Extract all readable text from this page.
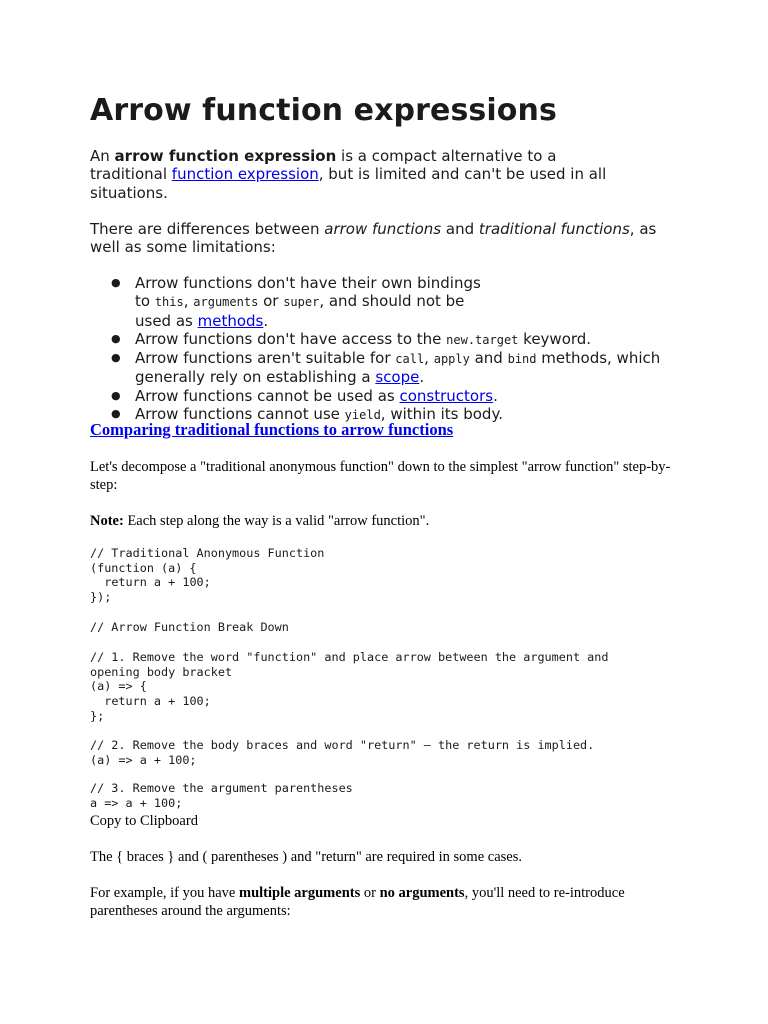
Arrow function expressions

An arrow function expression is a compact alternative to a traditional function expression, but is limited and can't be used in all situations.

There are differences between arrow functions and traditional functions, as well as some limitations:

● Arrow functions don't have their own bindings to this, arguments or super, and should not be used as methods.
● Arrow functions don't have access to the new.target keyword.
● Arrow functions aren't suitable for call, apply and bind methods, which generally rely on establishing a scope.
● Arrow functions cannot be used as constructors.
● Arrow functions cannot use yield, within its body.
Comparing traditional functions to arrow functions

Let's decompose a "traditional anonymous function" down to the simplest "arrow function" step-by-step:

Note: Each step along the way is a valid "arrow function".

// Traditional Anonymous Function
(function (a) {
return a + 100;
});
// Arrow Function Break Down
// 1. Remove the word "function" and place arrow between the argument and
opening body bracket
(a) => {
return a + 100;
};
// 2. Remove the body braces and word "return" — the return is implied.
(a) => a + 100;
// 3. Remove the argument parentheses
a => a + 100;
Copy to Clipboard

The { braces } and ( parentheses ) and "return" are required in some cases.

For example, if you have multiple arguments or no arguments, you'll need to re-introduce parentheses around the arguments:
